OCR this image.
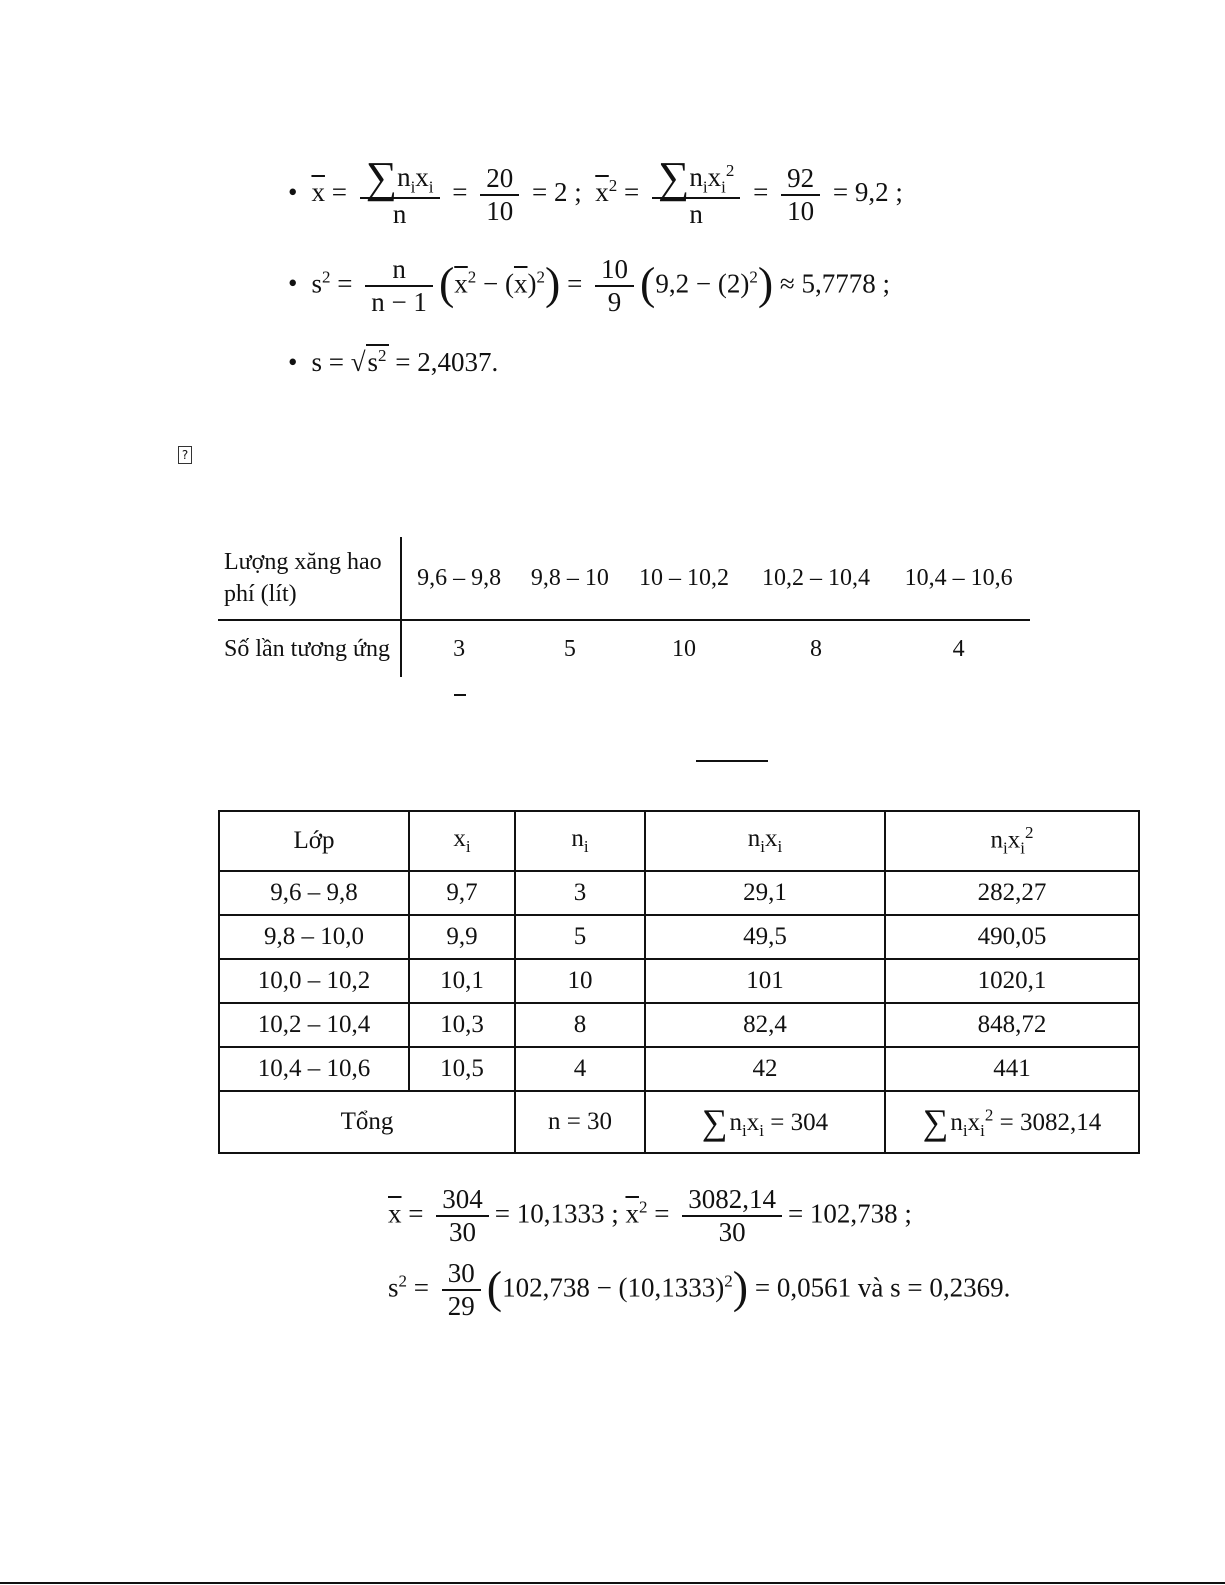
• $\overline{x} = \frac{\sum n_ix_i}{n} = \frac{20}{10} = 2$ ; $\overline{x}^2 = \frac{\sum n_ix_i^2}{n} = \frac{92}{10} = 9,2$ ;
• $s^2 = \frac{n}{n - 1} (\overline{x}^2 - (\overline{x})^2) = \frac{10}{9} (9,2 - (2)^2) \approx 5,7778$ ;
• $s = √s^2 = 2,4037$.
?
Lượng xăng hao phí (lít)	9,6 – 9,8	9,8 – 10	10 – 10,2	10,2 – 10,4	10,4 – 10,6
Số lần tương ứng	3	5	10	8	4
Lớp	$x_i$	$n_i$	$n_ix_i$	$n_ix_i^2$
9,6 – 9,8	9,7	3	29,1	282,27
9,8 – 10,0	9,9	5	49,5	490,05
10,0 – 10,2	10,1	10	101	1020,1
10,2 – 10,4	10,3	8	82,4	848,72
10,4 – 10,6	10,5	4	42	441
Tổng		n = 30	$\sum n_ix_i = 304$	$\sum n_ix_i^2 = 3082,14$
$\overline{x} = \frac{304}{30} = 10,1333$ ; $\overline{x}^2 = \frac{3082,14}{30} = 102,738$ ;
$s^2 = \frac{30}{29} (102,738 - (10,1333)^2) = 0,0561$ và s = 0,2369.
